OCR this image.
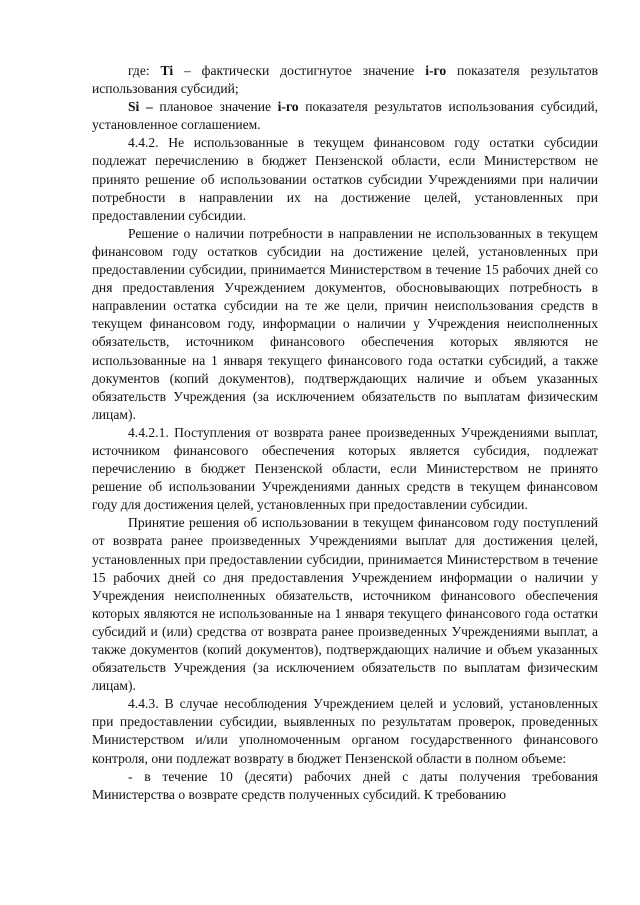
где: Ti – фактически достигнутое значение i-го показателя результатов использования субсидий;

Si – плановое значение i-го показателя результатов использования субсидий, установленное соглашением.

4.4.2. Не использованные в текущем финансовом году остатки субсидии подлежат перечислению в бюджет Пензенской области, если Министерством не принято решение об использовании остатков субсидии Учреждениями при наличии потребности в направлении их на достижение целей, установленных при предоставлении субсидии.

Решение о наличии потребности в направлении не использованных в текущем финансовом году остатков субсидии на достижение целей, установленных при предоставлении субсидии, принимается Министерством в течение 15 рабочих дней со дня предоставления Учреждением документов, обосновывающих потребность в направлении остатка субсидии на те же цели, причин неиспользования средств в текущем финансовом году, информации о наличии у Учреждения неисполненных обязательств, источником финансового обеспечения которых являются не использованные на 1 января текущего финансового года остатки субсидий, а также документов (копий документов), подтверждающих наличие и объем указанных обязательств Учреждения (за исключением обязательств по выплатам физическим лицам).

4.4.2.1. Поступления от возврата ранее произведенных Учреждениями выплат, источником финансового обеспечения которых является субсидия, подлежат перечислению в бюджет Пензенской области, если Министерством не принято решение об использовании Учреждениями данных средств в текущем финансовом году для достижения целей, установленных при предоставлении субсидии.

Принятие решения об использовании в текущем финансовом году поступлений от возврата ранее произведенных Учреждениями выплат для достижения целей, установленных при предоставлении субсидии, принимается Министерством в течение 15 рабочих дней со дня предоставления Учреждением информации о наличии у Учреждения неисполненных обязательств, источником финансового обеспечения которых являются не использованные на 1 января текущего финансового года остатки субсидий и (или) средства от возврата ранее произведенных Учреждениями выплат, а также документов (копий документов), подтверждающих наличие и объем указанных обязательств Учреждения (за исключением обязательств по выплатам физическим лицам).

4.4.3. В случае несоблюдения Учреждением целей и условий, установленных при предоставлении субсидии, выявленных по результатам проверок, проведенных Министерством и/или уполномоченным органом государственного финансового контроля, они подлежат возврату в бюджет Пензенской области в полном объеме:

- в течение 10 (десяти) рабочих дней с даты получения требования Министерства о возврате средств полученных субсидий. К требованию
